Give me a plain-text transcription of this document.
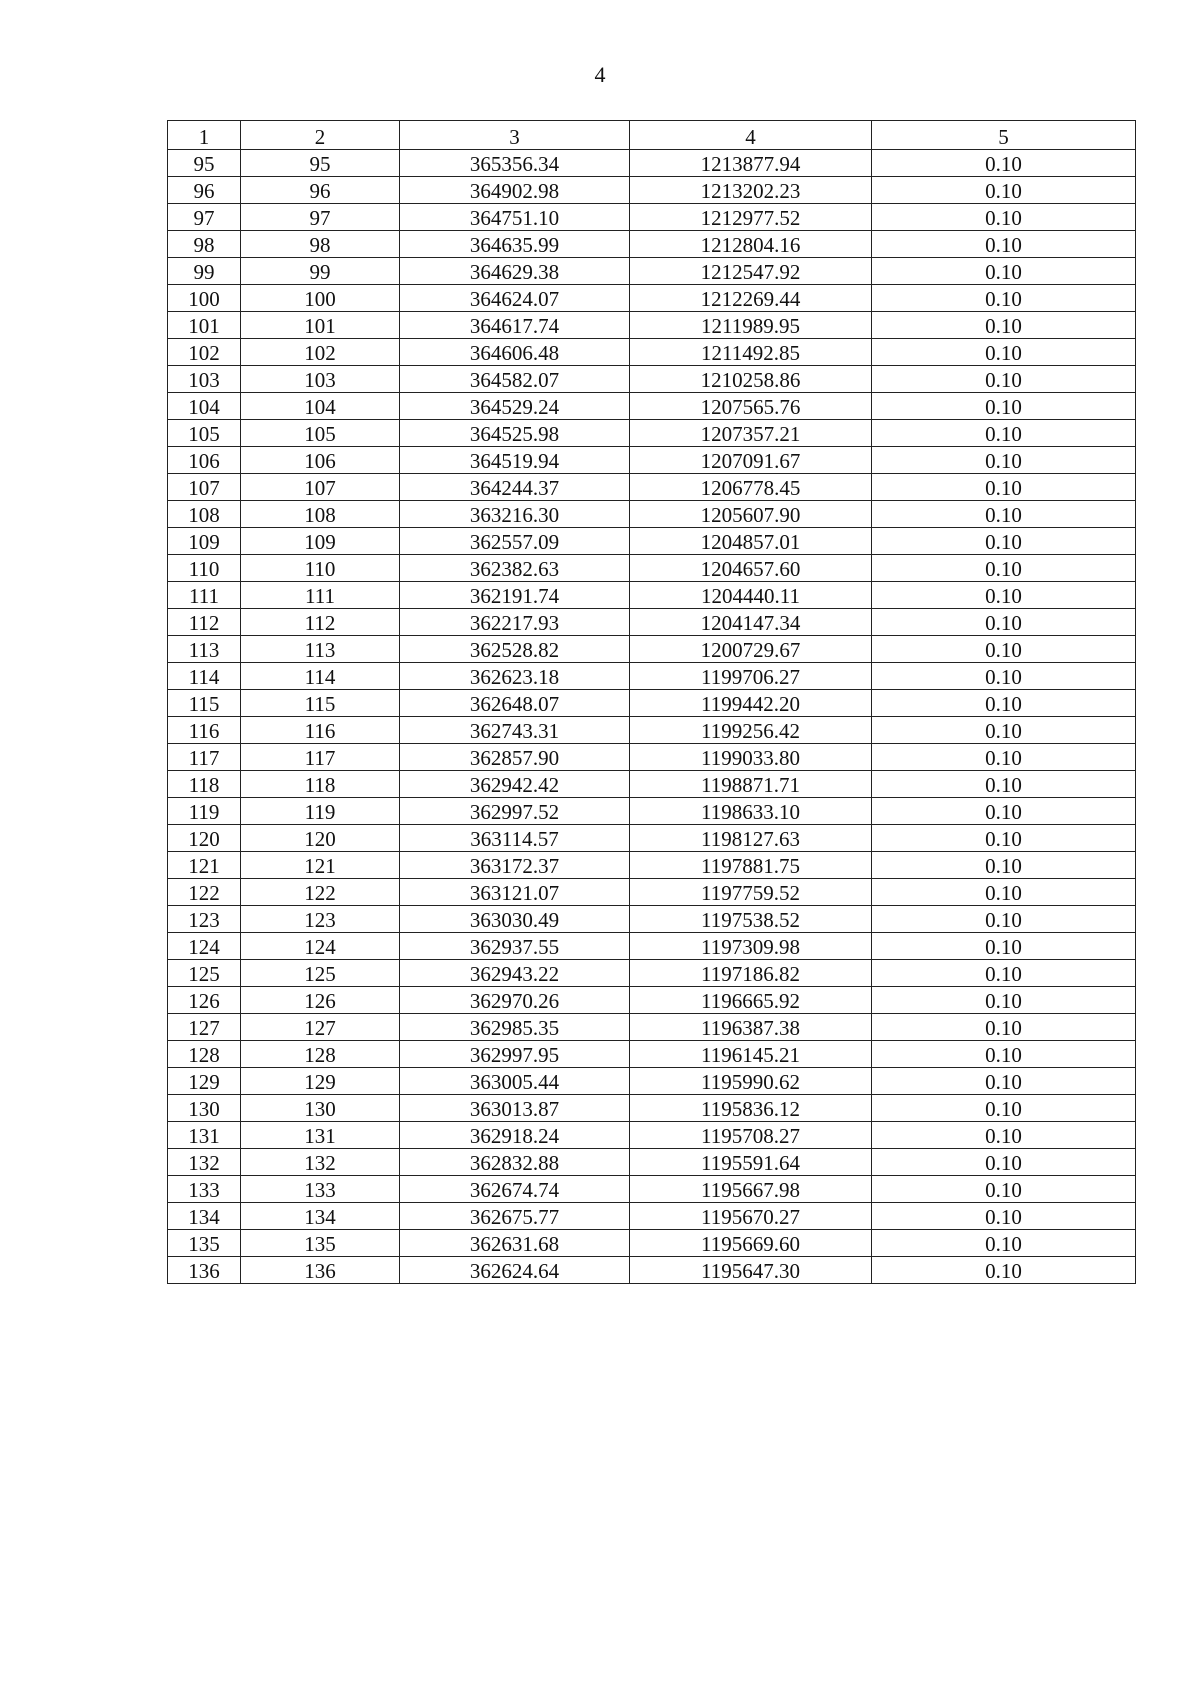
4
1	2	3	4	5
95	95	365356.34	1213877.94	0.10
96	96	364902.98	1213202.23	0.10
97	97	364751.10	1212977.52	0.10
98	98	364635.99	1212804.16	0.10
99	99	364629.38	1212547.92	0.10
100	100	364624.07	1212269.44	0.10
101	101	364617.74	1211989.95	0.10
102	102	364606.48	1211492.85	0.10
103	103	364582.07	1210258.86	0.10
104	104	364529.24	1207565.76	0.10
105	105	364525.98	1207357.21	0.10
106	106	364519.94	1207091.67	0.10
107	107	364244.37	1206778.45	0.10
108	108	363216.30	1205607.90	0.10
109	109	362557.09	1204857.01	0.10
110	110	362382.63	1204657.60	0.10
111	111	362191.74	1204440.11	0.10
112	112	362217.93	1204147.34	0.10
113	113	362528.82	1200729.67	0.10
114	114	362623.18	1199706.27	0.10
115	115	362648.07	1199442.20	0.10
116	116	362743.31	1199256.42	0.10
117	117	362857.90	1199033.80	0.10
118	118	362942.42	1198871.71	0.10
119	119	362997.52	1198633.10	0.10
120	120	363114.57	1198127.63	0.10
121	121	363172.37	1197881.75	0.10
122	122	363121.07	1197759.52	0.10
123	123	363030.49	1197538.52	0.10
124	124	362937.55	1197309.98	0.10
125	125	362943.22	1197186.82	0.10
126	126	362970.26	1196665.92	0.10
127	127	362985.35	1196387.38	0.10
128	128	362997.95	1196145.21	0.10
129	129	363005.44	1195990.62	0.10
130	130	363013.87	1195836.12	0.10
131	131	362918.24	1195708.27	0.10
132	132	362832.88	1195591.64	0.10
133	133	362674.74	1195667.98	0.10
134	134	362675.77	1195670.27	0.10
135	135	362631.68	1195669.60	0.10
136	136	362624.64	1195647.30	0.10
